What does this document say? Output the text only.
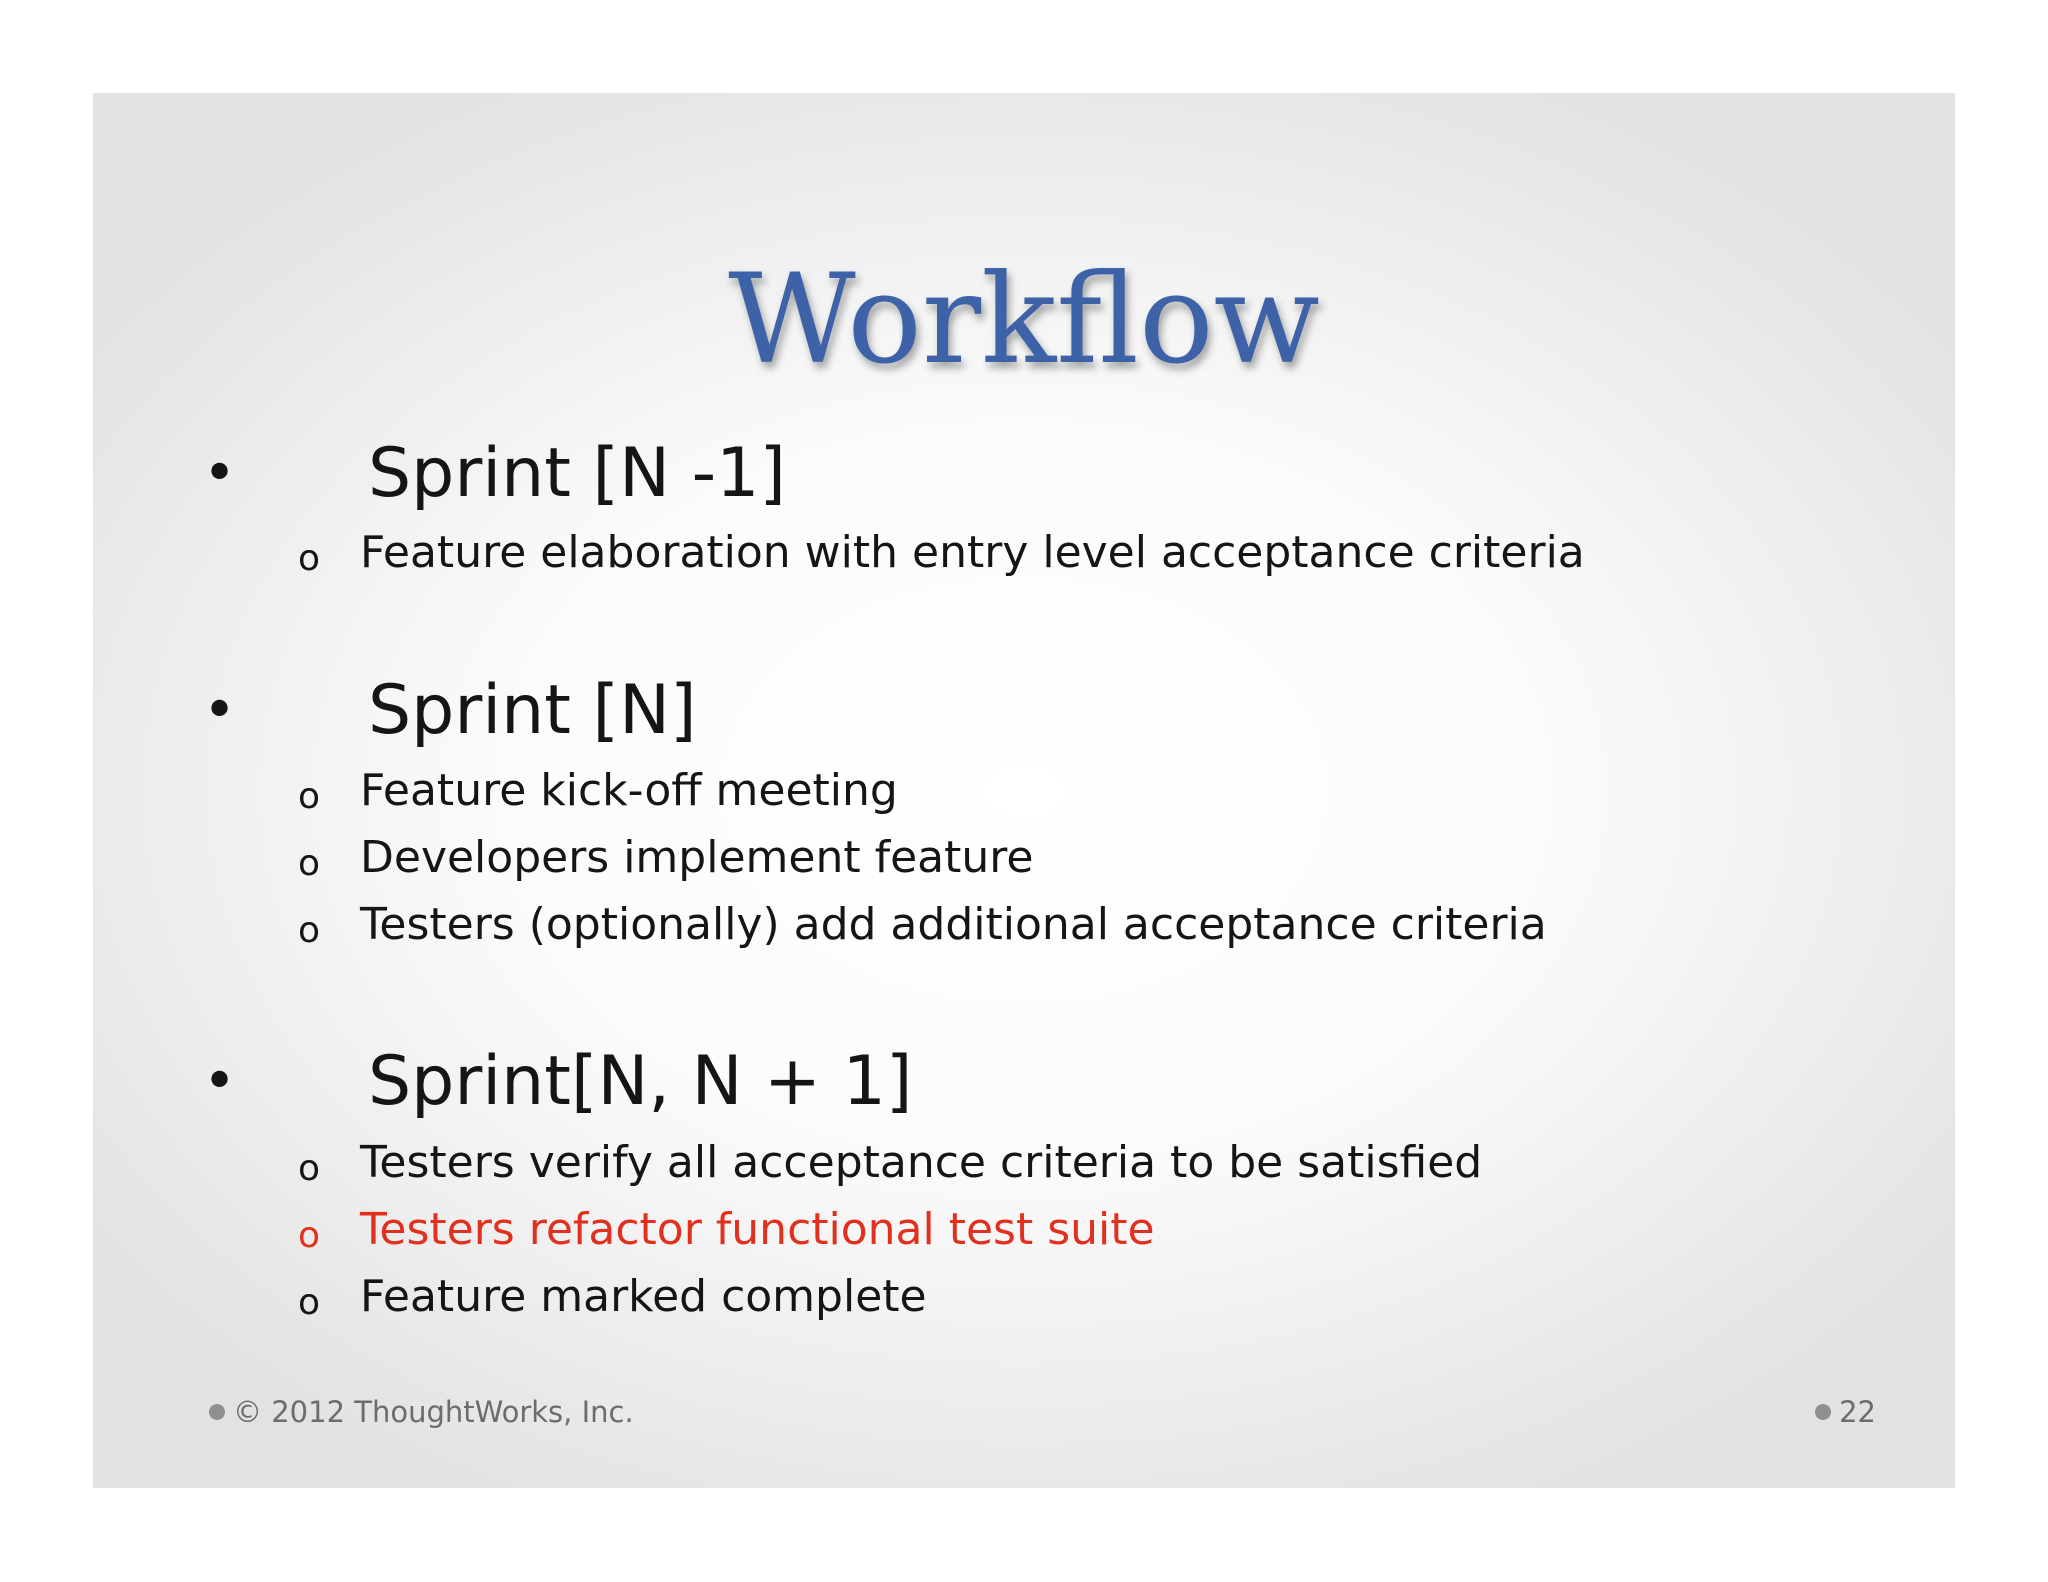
Workflow
•	Sprint [N -1]
o Feature elaboration with entry level acceptance criteria
•	Sprint [N]
o Feature kick-off meeting
o Developers implement feature
o Testers (optionally) add additional acceptance criteria
•	Sprint[N, N + 1]
o Testers verify all acceptance criteria to be satisfied
o Testers refactor functional test suite
o Feature marked complete
© 2012 ThoughtWorks, Inc.	22
